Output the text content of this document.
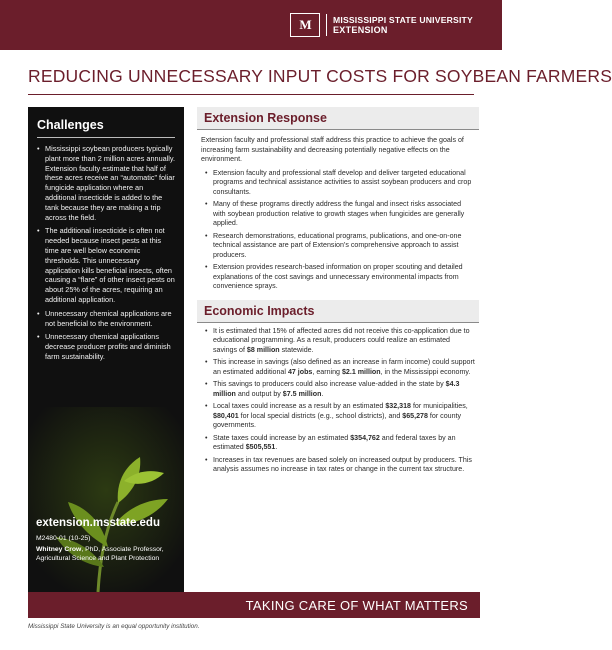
M	MISSISSIPPI STATE UNIVERSITY
EXTENSION
REDUCING UNNECESSARY INPUT COSTS FOR SOYBEAN FARMERS
Challenges
• Mississippi soybean producers typically plant more than 2 million acres annually. Extension faculty estimate that half of these acres receive an “automatic” foliar fungicide application where an additional insecticide is added to the tank because they are making a trip across the field.
• The additional insecticide is often not needed because insect pests at this time are well below economic thresholds. This unnecessary application kills beneficial insects, often causing a “flare” of other insect pests on about 25% of the acres, requiring an additional application.
• Unnecessary chemical applications are not beneficial to the environment.
• Unnecessary chemical applications decrease producer profits and diminish farm sustainability.
extension.msstate.edu
M2480-01 (10-25)
Whitney Crow, PhD, Associate Professor, Agricultural Science and Plant Protection
Extension Response

Extension faculty and professional staff address this practice to achieve the goals of increasing farm sustainability and decreasing potentially negative effects on the environment.

• Extension faculty and professional staff develop and deliver targeted educational programs and technical assistance activities to assist soybean producers and crop consultants.
• Many of these programs directly address the fungal and insect risks associated with soybean production relative to growth stages when fungicides are generally applied.
• Research demonstrations, educational programs, publications, and one-on-one technical assistance are part of Extension’s comprehensive approach to assist producers.
• Extension provides research-based information on proper scouting and detailed explanations of the cost savings and unnecessary environmental impacts from convenience sprays.
Economic Impacts
• It is estimated that 15% of affected acres did not receive this co-application due to educational programming. As a result, producers could realize an estimated savings of $8 million statewide.
• This increase in savings (also defined as an increase in farm income) could support an estimated additional 47 jobs, earning $2.1 million, in the Mississippi economy.
• This savings to producers could also increase value-added in the state by $4.3 million and output by $7.5 million.
• Local taxes could increase as a result by an estimated $32,318 for municipalities, $80,401 for local special districts (e.g., school districts), and $65,278 for county governments.
• State taxes could increase by an estimated $354,762 and federal taxes by an estimated $505,551.
• Increases in tax revenues are based solely on increased output by producers. This analysis assumes no increase in tax rates or change in the current tax structure.
TAKING CARE OF WHAT MATTERS
Mississippi State University is an equal opportunity institution.
